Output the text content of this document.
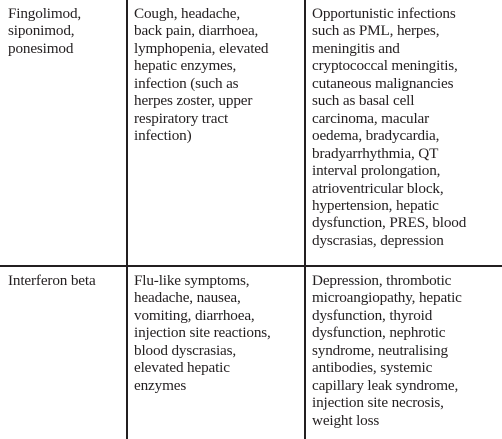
Fingolimod,
siponimod,
ponesimod
Cough, headache,
back pain, diarrhoea,
lymphopenia, elevated
hepatic enzymes,
infection (such as
herpes zoster, upper
respiratory tract
infection)
Opportunistic infections
such as PML, herpes,
meningitis and
cryptococcal meningitis,
cutaneous malignancies
such as basal cell
carcinoma, macular
oedema, bradycardia,
bradyarrhythmia, QT
interval prolongation,
atrioventricular block,
hypertension, hepatic
dysfunction, PRES, blood
dyscrasias, depression
Interferon beta	Flu-like symptoms,
headache, nausea,
vomiting, diarrhoea,
injection site reactions,
blood dyscrasias,
elevated hepatic
enzymes
Depression, thrombotic
microangiopathy, hepatic
dysfunction, thyroid
dysfunction, nephrotic
syndrome, neutralising
antibodies, systemic
capillary leak syndrome,
injection site necrosis,
weight loss
